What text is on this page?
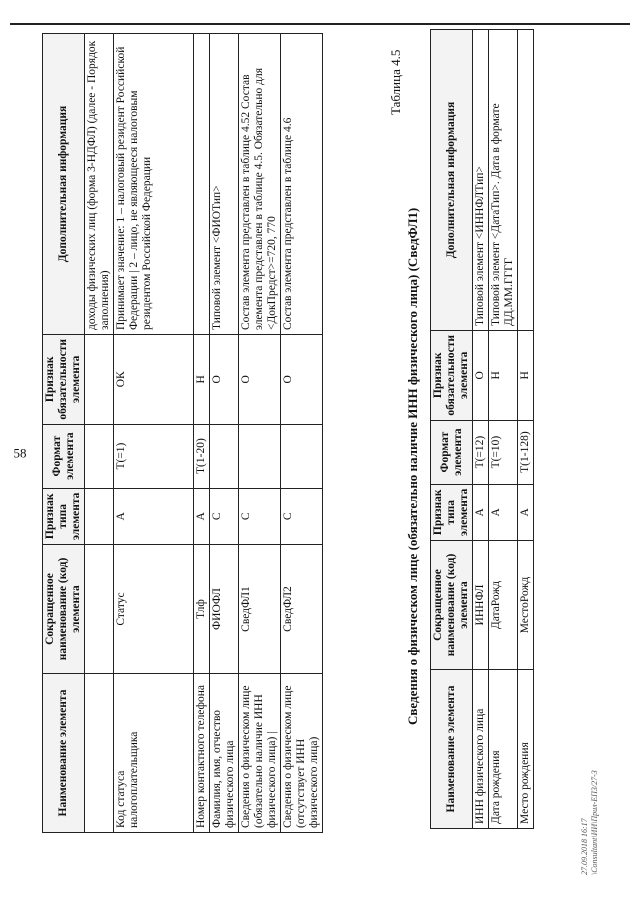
58
Наименование элемента	Сокращенное наименование (код) элемента	Признак типа элемента	Формат элемента	Признак обязательности элемента	Дополнительная информация
					доходы физических лиц (форма 3-НДФЛ) (далее - Порядок заполнения)
Код статуса налогоплательщика	Статус	А	Т(=1)	ОК	Принимает значение: 1 – налоговый резидент Российской Федерации | 2 – лицо, не являющееся налоговым резидентом Российской Федерации
Номер контактного телефона	Тлф	А	Т(1-20)	Н	
Фамилия, имя, отчество физического лица	ФИОФЛ	С		О	Типовой элемент <ФИОТип>
Сведения о физическом лице (обязательно наличие ИНН физического лица) |	СведФЛ1	С		О	Состав элемента представлен в таблице 4.52 Состав элемента представлен в таблице 4.5. Обязательно для <ДокПредст>=720, 770
Сведения о физическом лице (отсутствует ИНН физического лица)	СведФЛ2	С		О	Состав элемента представлен в таблице 4.6
Таблица 4.5
Сведения о физическом лице (обязательно наличие ИНН физического лица) (СведФЛ1)
Наименование элемента	Сокращенное наименование (код) элемента	Признак типа элемента	Формат элемента	Признак обязательности элемента	Дополнительная информация
ИНН физического лица	ИННФЛ	А	Т(=12)	О	Типовой элемент <ИННФЛТип>
Дата рождения	ДатаРожд	А	Т(=10)	Н	Типовой элемент <ДатаТип>. Дата в формате ДД.ММ.ГГГГ
Место рождения	МестоРожд	А	Т(1-128)	Н	
27.09.2018 16:17 \Consultant\ИИ\Прил-ЕПЗ/27-3
